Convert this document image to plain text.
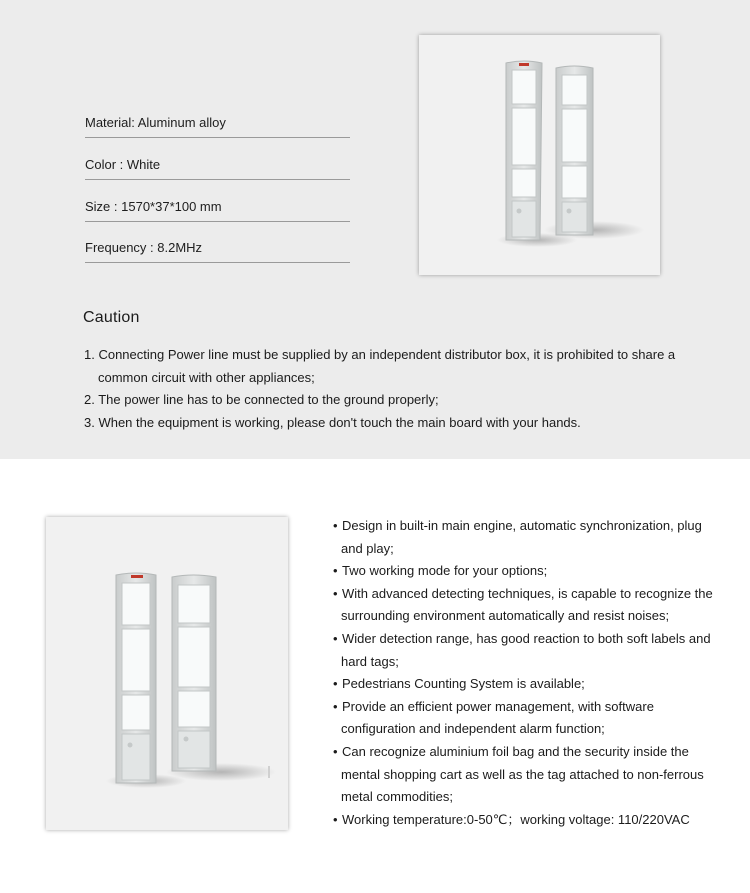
Material: Aluminum alloy
Color : White
Size : 1570*37*100 mm
Frequency : 8.2MHz
Caution
1. Connecting Power line must be supplied by an independent distributor box, it is prohibited to share a common circuit with other appliances;
2. The power line has to be connected to the ground properly;
3. When the equipment is working, please don't touch the main board with your hands.
• Design in built-in main engine, automatic synchronization, plug and play;
• Two working mode for your options;
• With advanced detecting techniques, is capable to recognize the surrounding environment automatically and resist noises;
• Wider detection range, has good reaction to both soft labels and hard tags;
• Pedestrians Counting System is available;
• Provide an efficient power management, with software configuration and independent alarm function;
• Can recognize aluminium foil bag and the security inside the mental shopping cart as well as the tag attached to non-ferrous metal commodities;
• Working temperature:0-50℃；working voltage: 110/220VAC
